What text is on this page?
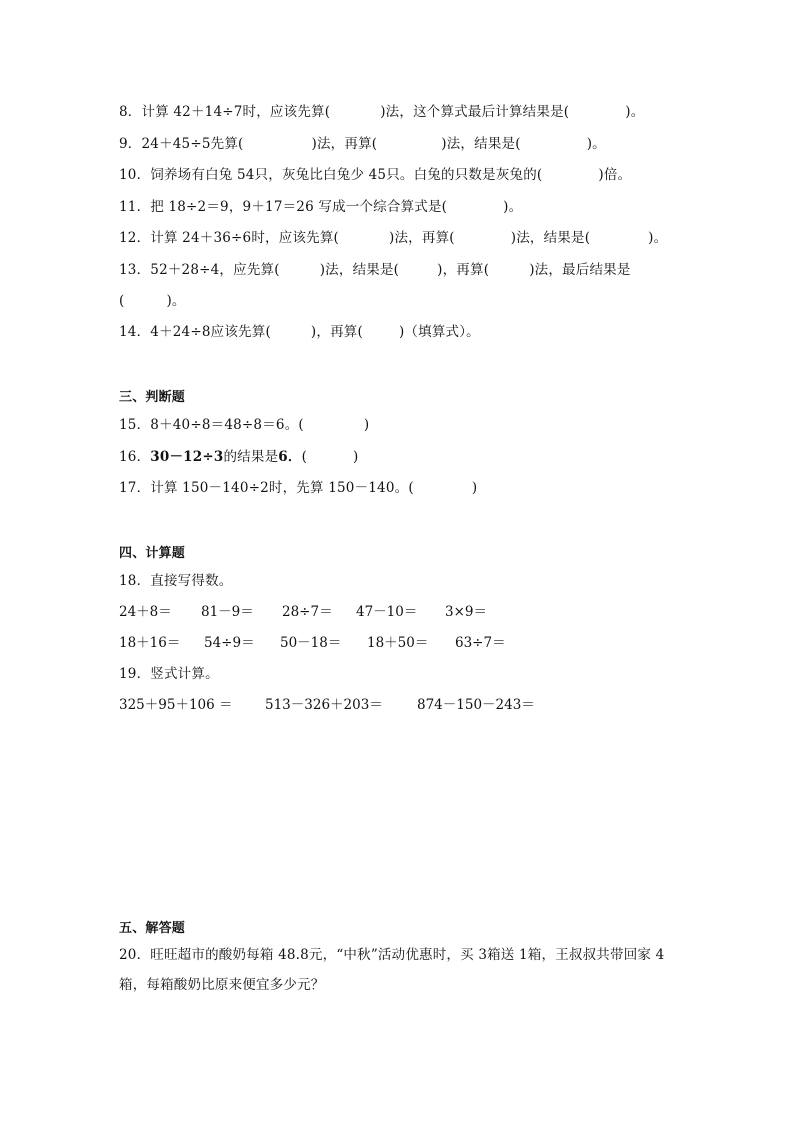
8．计算 42＋14÷7时，应该先算(	)法，这个算式最后计算结果是(	)。
9．24＋45÷5先算(	)法，再算(	)法，结果是(	)。
10．饲养场有白兔 54只，灰兔比白兔少 45只。白兔的只数是灰兔的(	)倍。
11．把 18÷2＝9，9＋17＝26 写成一个综合算式是(	)。
12．计算 24＋36÷6时，应该先算(	)法，再算(	)法，结果是(	)。
13．52＋28÷4，应先算(	)法，结果是(	)，再算(	)法，最后结果是
(	)。
14．4＋24÷8应该先算(	)，再算(	)（填算式）。
三、判断题
15．8＋40÷8＝48÷8＝6。(	)
16．30－12÷3的结果是6．(	)
17．计算 150－140÷2时，先算 150－140。(	)
四、计算题
18．直接写得数。
24＋8＝ 81－9＝ 28÷7＝ 47－10＝ 3×9＝
18＋16＝ 54÷9＝ 50－18＝ 18＋50＝ 63÷7＝
19．竖式计算。
325＋95＋106 ＝ 513－326＋203＝	874－150－243＝
五、解答题
20．旺旺超市的酸奶每箱 48.8元，“中秋”活动优惠时，买 3箱送 1箱，王叔叔共带回家 4
箱，每箱酸奶比原来便宜多少元？
